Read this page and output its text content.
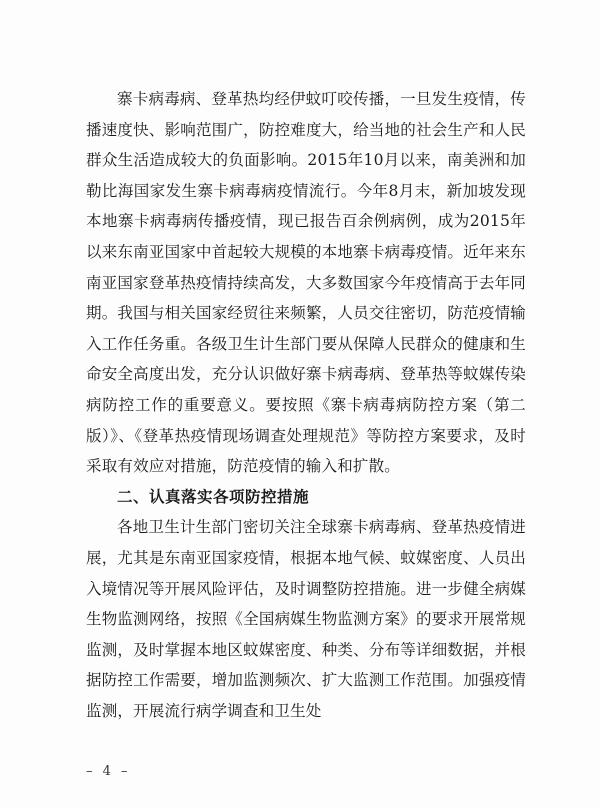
寨卡病毒病、登革热均经伊蚊叮咬传播，一旦发生疫情，传播速度快、影响范围广，防控难度大，给当地的社会生产和人民群众生活造成较大的负面影响。2015年10月以来，南美洲和加勒比海国家发生寨卡病毒病疫情流行。今年8月末，新加坡发现本地寨卡病毒病传播疫情，现已报告百余例病例，成为2015年以来东南亚国家中首起较大规模的本地寨卡病毒疫情。近年来东南亚国家登革热疫情持续高发，大多数国家今年疫情高于去年同期。我国与相关国家经贸往来频繁，人员交往密切，防范疫情输入工作任务重。各级卫生计生部门要从保障人民群众的健康和生命安全高度出发，充分认识做好寨卡病毒病、登革热等蚊媒传染病防控工作的重要意义。要按照《寨卡病毒病防控方案（第二版）》、《登革热疫情现场调查处理规范》等防控方案要求，及时采取有效应对措施，防范疫情的输入和扩散。

二、认真落实各项防控措施

各地卫生计生部门密切关注全球寨卡病毒病、登革热疫情进展，尤其是东南亚国家疫情，根据本地气候、蚊媒密度、人员出入境情况等开展风险评估，及时调整防控措施。进一步健全病媒生物监测网络，按照《全国病媒生物监测方案》的要求开展常规监测，及时掌握本地区蚊媒密度、种类、分布等详细数据，并根据防控工作需要，增加监测频次、扩大监测工作范围。加强疫情监测，开展流行病学调查和卫生处

– 4 –
